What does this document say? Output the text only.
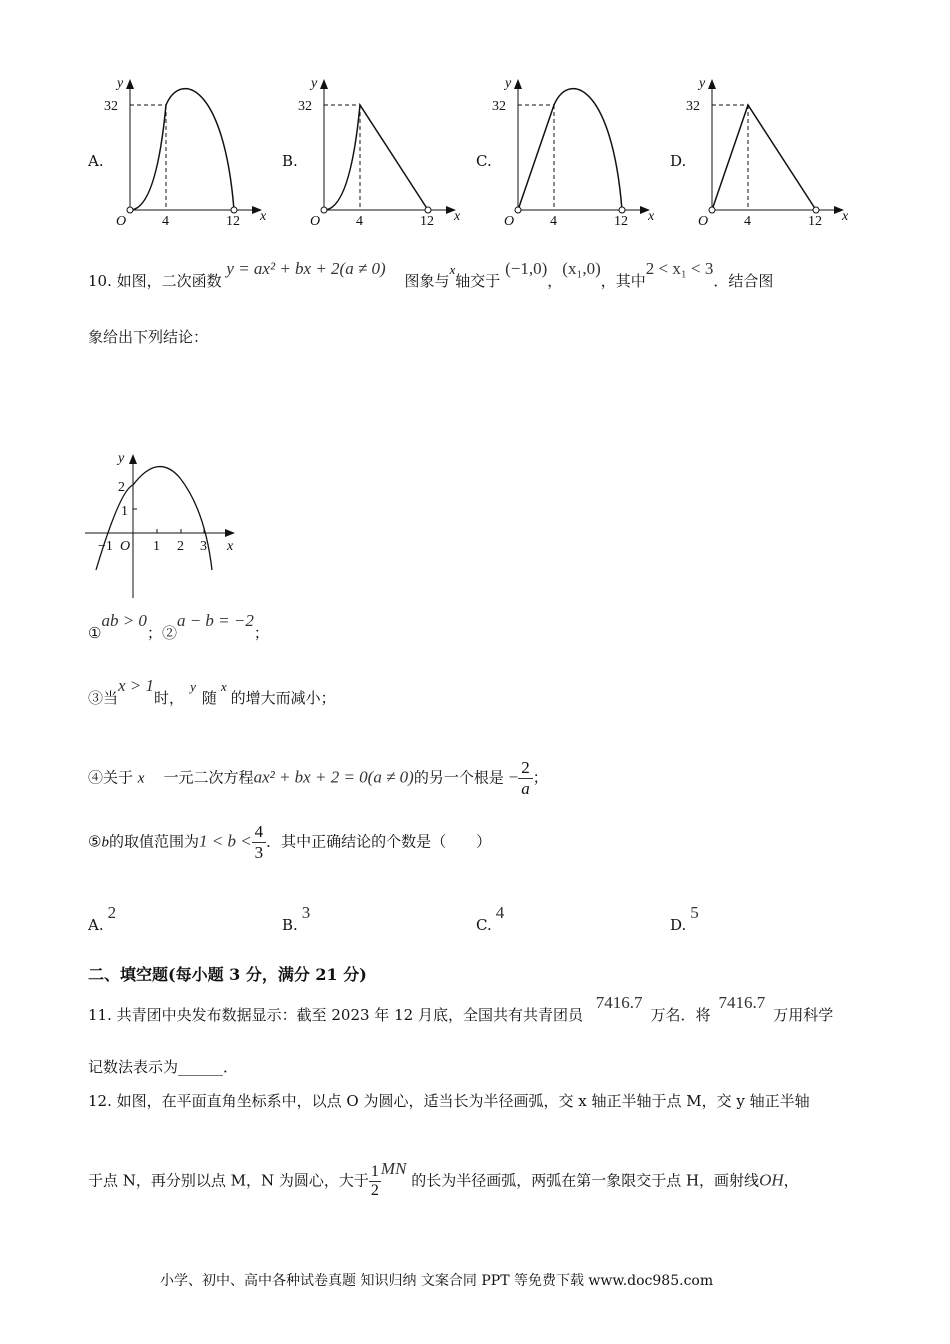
A.
y
32
O	4	12 x
B.
y
32
O	4	12 x
C.
y
32
O	4	12 x
D.
y
32
O	4	12 x
10. 如图，二次函数 y = ax² + bx + 2(a ≠ 0) 图象与x轴交于 (−1,0)，(x₁,0)，其中2 < x₁ < 3．结合图
象给出下列结论：
y
2
1
−1 O 1 2 3 x
①ab > 0；②a − b = −2；
③当x > 1时，y随x的增大而减小；
④关于 x 一元二次方程ax² + bx + 2 = 0(a ≠ 0)的另一个根是 − $\frac{2}{a}$ ；
⑤b的取值范围为$1 < b < \frac{4}{3}$ ．其中正确结论的个数是（　　）
A.2
B.3
C.4
D.5
二、填空题(每小题 3 分，满分 21 分)
11. 共青团中央发布数据显示：截至 2023 年 12 月底，全国共有共青团员 7416.7万名．将7416.7万用科学
记数法表示为______．
12. 如图，在平面直角坐标系中，以点 O 为圆心，适当长为半径画弧，交 x 轴正半轴于点 M，交 y 轴正半轴
于点 N，再分别以点 M，N 为圆心，大于 $\frac{1}{2}$ MN 的长为半径画弧，两弧在第一象限交于点 H，画射线OH，
小学、初中、高中各种试卷真题 知识归纳 文案合同 PPT 等免费下载 www.doc985.com
